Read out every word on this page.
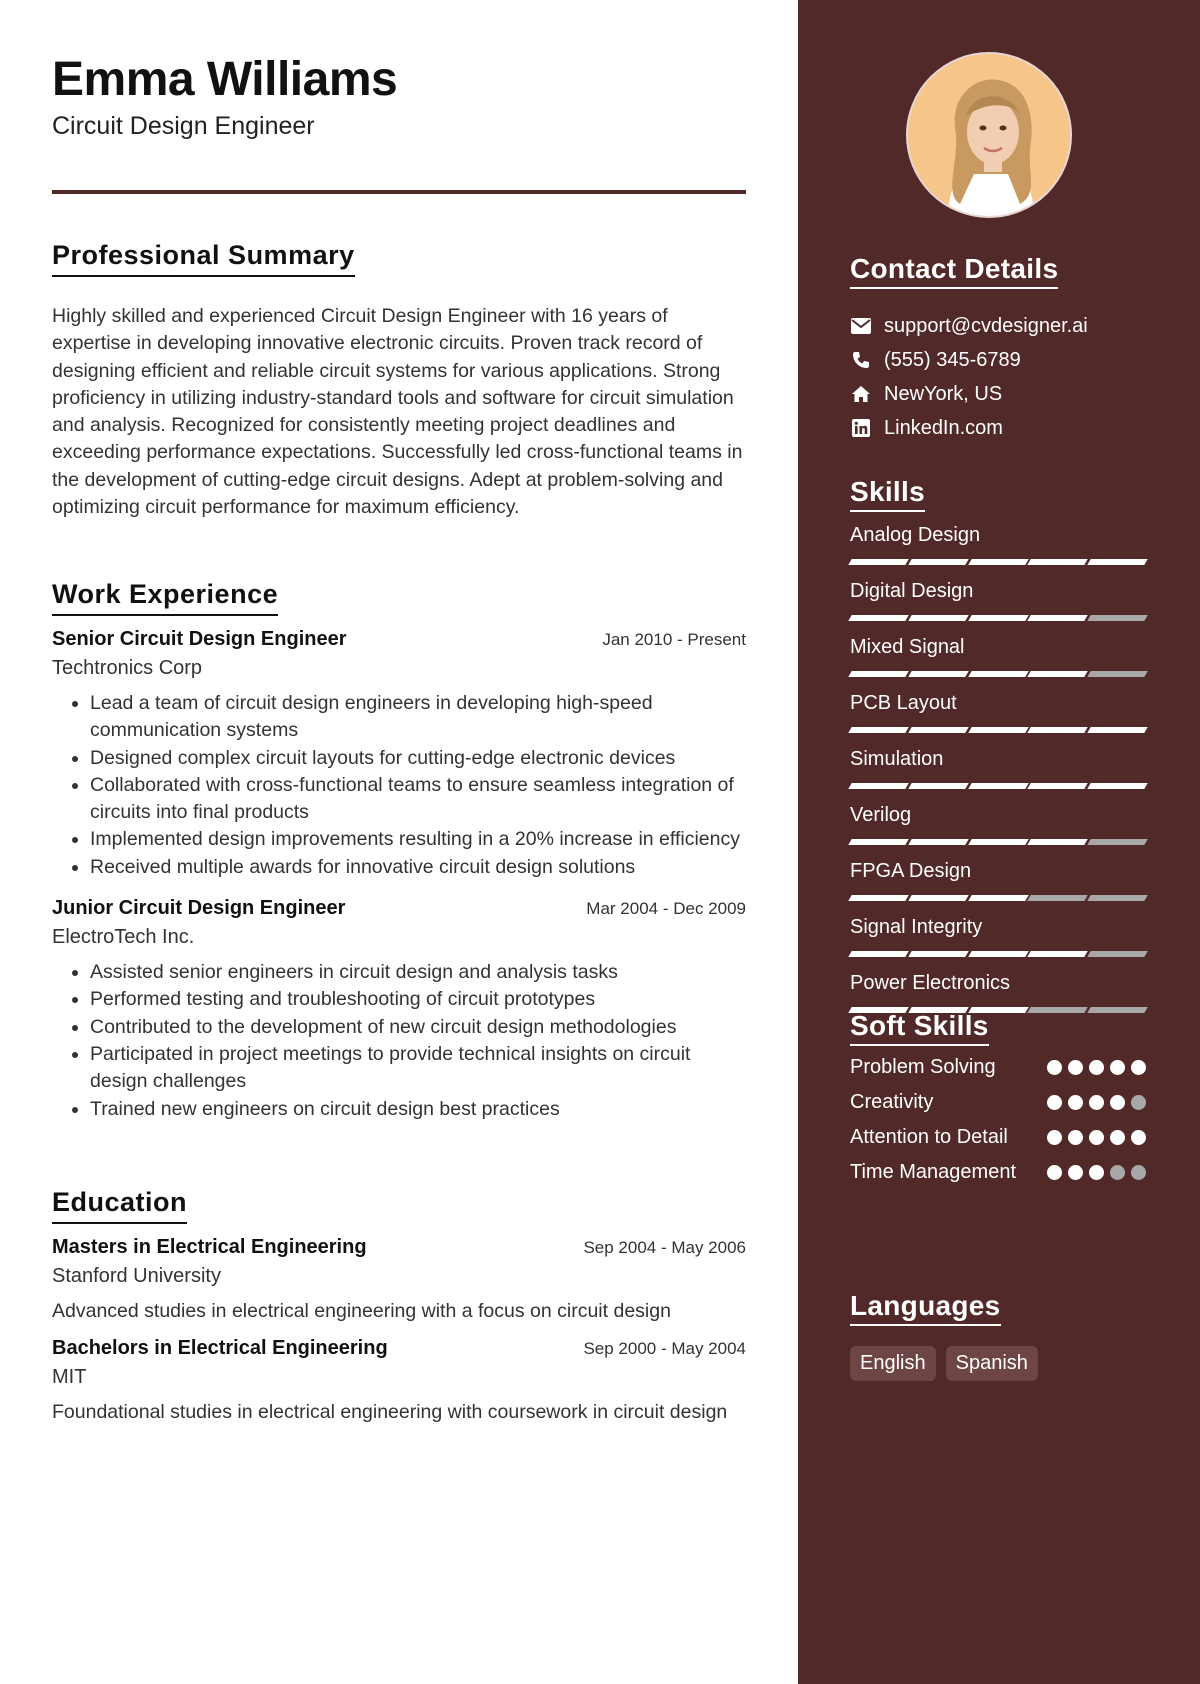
Emma Williams
Circuit Design Engineer
Professional Summary
Highly skilled and experienced Circuit Design Engineer with 16 years of expertise in developing innovative electronic circuits. Proven track record of designing efficient and reliable circuit systems for various applications. Strong proficiency in utilizing industry-standard tools and software for circuit simulation and analysis. Recognized for consistently meeting project deadlines and exceeding performance expectations. Successfully led cross-functional teams in the development of cutting-edge circuit designs. Adept at problem-solving and optimizing circuit performance for maximum efficiency.
Work Experience
Senior Circuit Design Engineer	Jan 2010 - Present
Techtronics Corp
• Lead a team of circuit design engineers in developing high-speed communication systems
• Designed complex circuit layouts for cutting-edge electronic devices
• Collaborated with cross-functional teams to ensure seamless integration of circuits into final products
• Implemented design improvements resulting in a 20% increase in efficiency
• Received multiple awards for innovative circuit design solutions
Junior Circuit Design Engineer	Mar 2004 - Dec 2009
ElectroTech Inc.
• Assisted senior engineers in circuit design and analysis tasks
• Performed testing and troubleshooting of circuit prototypes
• Contributed to the development of new circuit design methodologies
• Participated in project meetings to provide technical insights on circuit design challenges
• Trained new engineers on circuit design best practices
Education
Masters in Electrical Engineering	Sep 2004 - May 2006
Stanford University
Advanced studies in electrical engineering with a focus on circuit design
Bachelors in Electrical Engineering	Sep 2000 - May 2004
MIT
Foundational studies in electrical engineering with coursework in circuit design
Contact Details
support@cvdesigner.ai
(555) 345-6789
NewYork, US
LinkedIn.com
Skills
Analog Design
Digital Design
Mixed Signal
PCB Layout
Simulation
Verilog
FPGA Design
Signal Integrity
Power Electronics
Soft Skills
Problem Solving
Creativity
Attention to Detail
Time Management
Languages
English	Spanish
